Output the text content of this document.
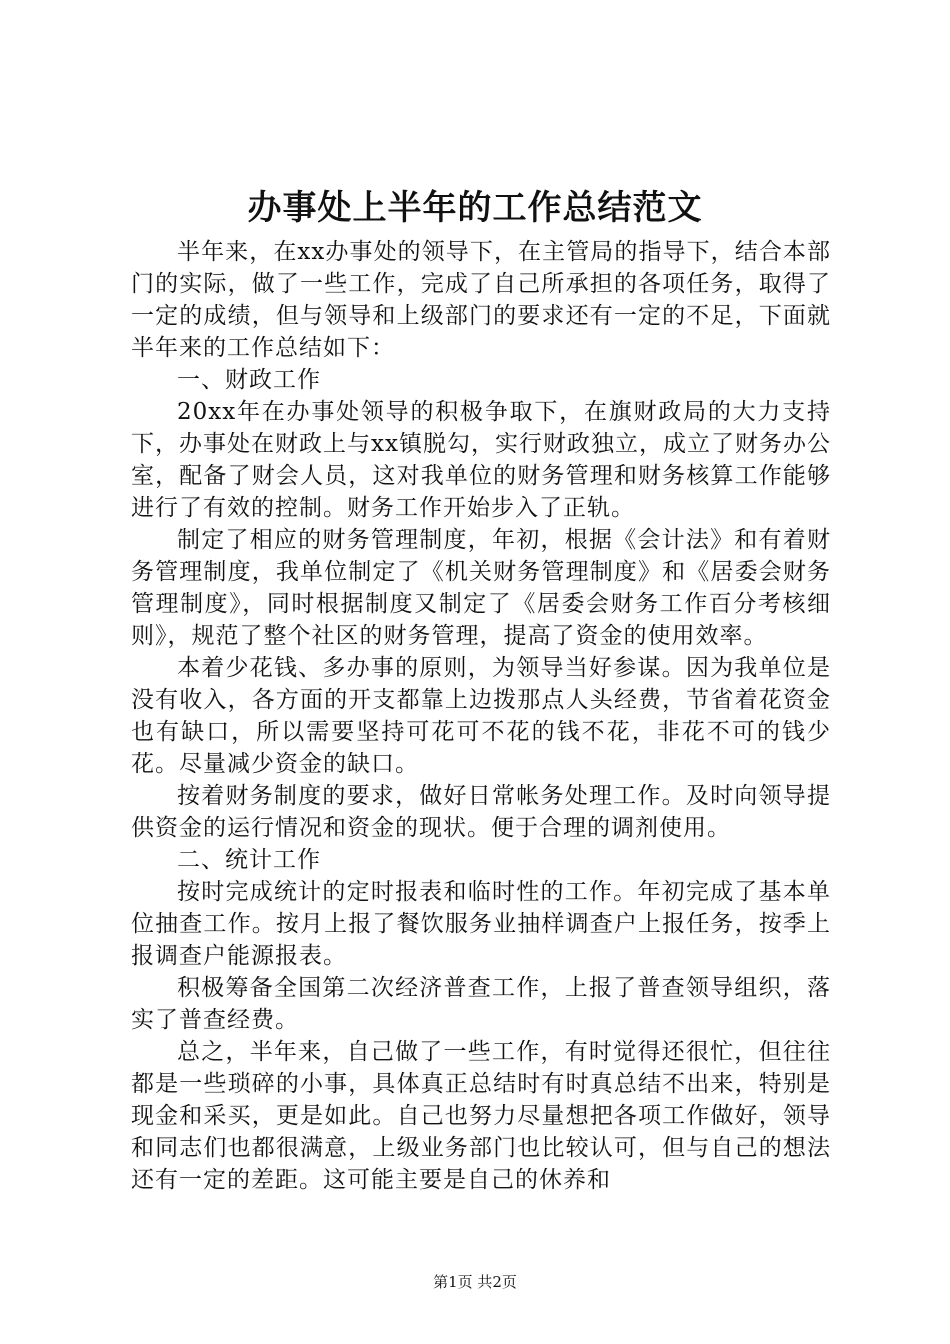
办事处上半年的工作总结范文

半年来，在xx办事处的领导下，在主管局的指导下，结合本部门的实际，做了一些工作，完成了自己所承担的各项任务，取得了一定的成绩，但与领导和上级部门的要求还有一定的不足，下面就半年来的工作总结如下：

一、财政工作

20xx年在办事处领导的积极争取下，在旗财政局的大力支持下，办事处在财政上与xx镇脱勾，实行财政独立，成立了财务办公室，配备了财会人员，这对我单位的财务管理和财务核算工作能够进行了有效的控制。财务工作开始步入了正轨。

制定了相应的财务管理制度，年初，根据《会计法》和有着财务管理制度，我单位制定了《机关财务管理制度》和《居委会财务管理制度》，同时根据制度又制定了《居委会财务工作百分考核细则》，规范了整个社区的财务管理，提高了资金的使用效率。

本着少花钱、多办事的原则，为领导当好参谋。因为我单位是没有收入，各方面的开支都靠上边拨那点人头经费，节省着花资金也有缺口，所以需要坚持可花可不花的钱不花，非花不可的钱少花。尽量减少资金的缺口。

按着财务制度的要求，做好日常帐务处理工作。及时向领导提供资金的运行情况和资金的现状。便于合理的调剂使用。

二、统计工作

按时完成统计的定时报表和临时性的工作。年初完成了基本单位抽查工作。按月上报了餐饮服务业抽样调查户上报任务，按季上报调查户能源报表。

积极筹备全国第二次经济普查工作，上报了普查领导组织，落实了普查经费。

总之，半年来，自己做了一些工作，有时觉得还很忙，但往往都是一些琐碎的小事，具体真正总结时有时真总结不出来，特别是现金和采买，更是如此。自己也努力尽量想把各项工作做好，领导和同志们也都很满意，上级业务部门也比较认可，但与自己的想法还有一定的差距。这可能主要是自己的休养和

第1页 共2页
